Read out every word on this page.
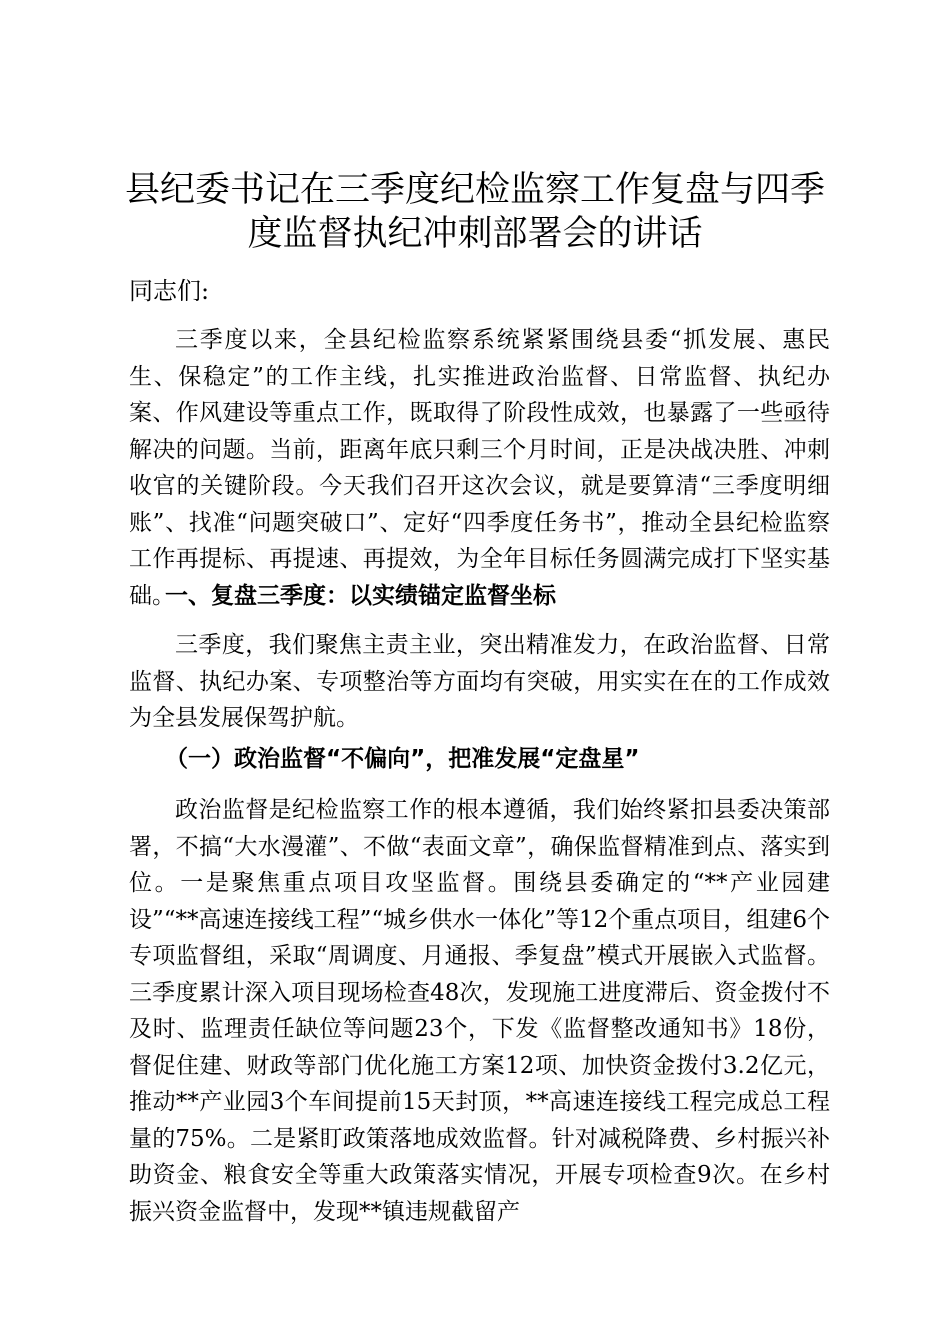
县纪委书记在三季度纪检监察工作复盘与四季度监督执纪冲刺部署会的讲话

同志们:

三季度以来，全县纪检监察系统紧紧围绕县委“抓发展、惠民生、保稳定”的工作主线，扎实推进政治监督、日常监督、执纪办案、作风建设等重点工作，既取得了阶段性成效，也暴露了一些亟待解决的问题。当前，距离年底只剩三个月时间，正是决战决胜、冲刺收官的关键阶段。今天我们召开这次会议，就是要算清“三季度明细账”、找准“问题突破口”、定好“四季度任务书”，推动全县纪检监察工作再提标、再提速、再提效，为全年目标任务圆满完成打下坚实基础。

一、复盘三季度：以实绩锚定监督坐标

三季度，我们聚焦主责主业，突出精准发力，在政治监督、日常监督、执纪办案、专项整治等方面均有突破，用实实在在的工作成效为全县发展保驾护航。

（一）政治监督“不偏向”，把准发展“定盘星”

政治监督是纪检监察工作的根本遵循，我们始终紧扣县委决策部署，不搞“大水漫灌”、不做“表面文章”，确保监督精准到点、落实到位。一是聚焦重点项目攻坚监督。围绕县委确定的“**产业园建设”“**高速连接线工程”“城乡供水一体化”等12个重点项目，组建6个专项监督组，采取“周调度、月通报、季复盘”模式开展嵌入式监督。三季度累计深入项目现场检查48次，发现施工进度滞后、资金拨付不及时、监理责任缺位等问题23个，下发《监督整改通知书》18份，督促住建、财政等部门优化施工方案12项、加快资金拨付3.2亿元，推动**产业园3个车间提前15天封顶，**高速连接线工程完成总工程量的75%。二是紧盯政策落地成效监督。针对减税降费、乡村振兴补助资金、粮食安全等重大政策落实情况，开展专项检查9次。在乡村振兴资金监督中，发现**镇违规截留产
